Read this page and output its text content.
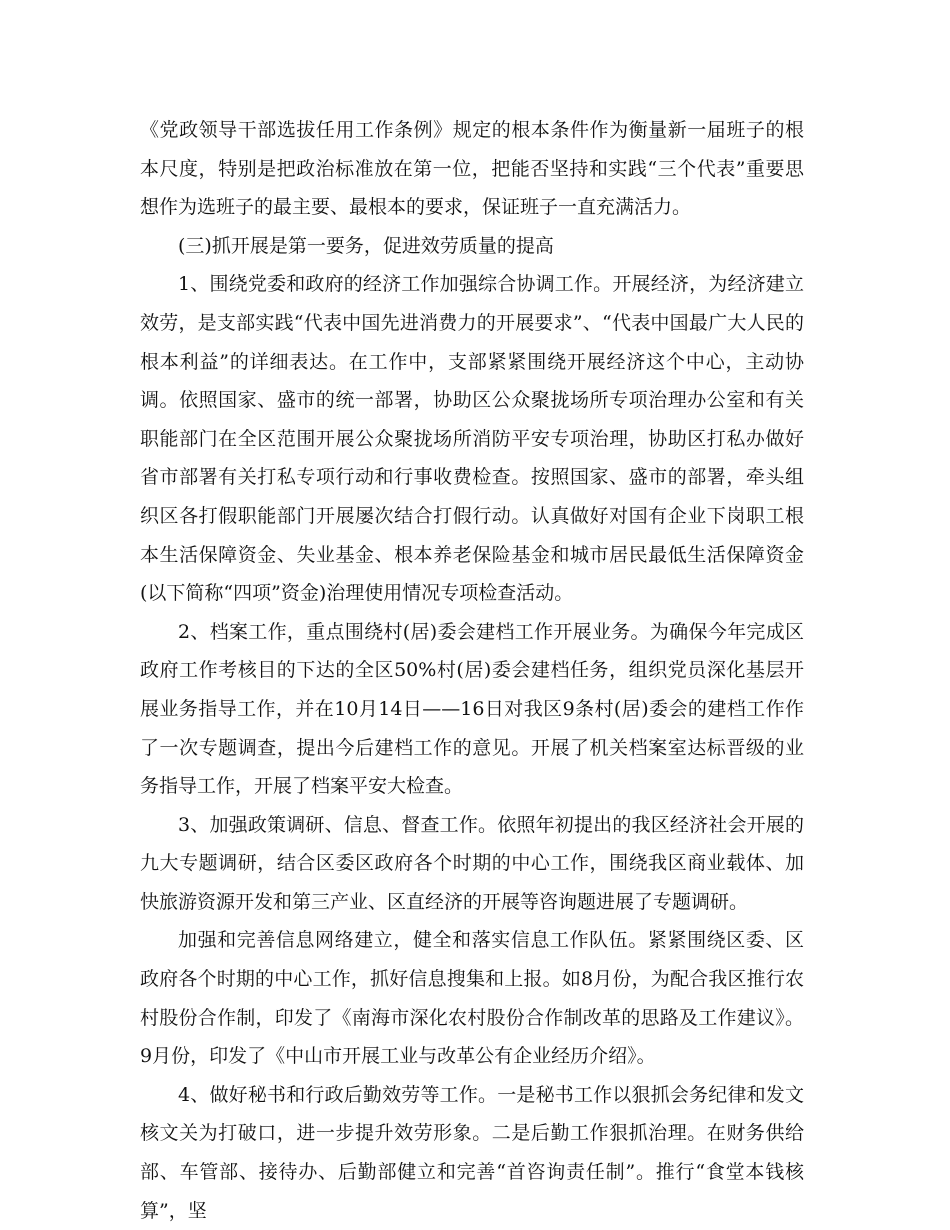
《党政领导干部选拔任用工作条例》规定的根本条件作为衡量新一届班子的根本尺度，特别是把政治标准放在第一位，把能否坚持和实践“三个代表”重要思想作为选班子的最主要、最根本的要求，保证班子一直充满活力。

(三)抓开展是第一要务，促进效劳质量的提高

1、围绕党委和政府的经济工作加强综合协调工作。开展经济，为经济建立效劳，是支部实践“代表中国先进消费力的开展要求”、“代表中国最广大人民的根本利益”的详细表达。在工作中，支部紧紧围绕开展经济这个中心，主动协调。依照国家、盛市的统一部署，协助区公众聚拢场所专项治理办公室和有关职能部门在全区范围开展公众聚拢场所消防平安专项治理，协助区打私办做好省市部署有关打私专项行动和行事收费检查。按照国家、盛市的部署，牵头组织区各打假职能部门开展屡次结合打假行动。认真做好对国有企业下岗职工根本生活保障资金、失业基金、根本养老保险基金和城市居民最低生活保障资金(以下简称“四项”资金)治理使用情况专项检查活动。

2、档案工作，重点围绕村(居)委会建档工作开展业务。为确保今年完成区政府工作考核目的下达的全区50%村(居)委会建档任务，组织党员深化基层开展业务指导工作，并在10月14日——16日对我区9条村(居)委会的建档工作作了一次专题调查，提出今后建档工作的意见。开展了机关档案室达标晋级的业务指导工作，开展了档案平安大检查。

3、加强政策调研、信息、督查工作。依照年初提出的我区经济社会开展的九大专题调研，结合区委区政府各个时期的中心工作，围绕我区商业载体、加快旅游资源开发和第三产业、区直经济的开展等咨询题进展了专题调研。

加强和完善信息网络建立，健全和落实信息工作队伍。紧紧围绕区委、区政府各个时期的中心工作，抓好信息搜集和上报。如8月份，为配合我区推行农村股份合作制，印发了《南海市深化农村股份合作制改革的思路及工作建议》。9月份，印发了《中山市开展工业与改革公有企业经历介绍》。

4、做好秘书和行政后勤效劳等工作。一是秘书工作以狠抓会务纪律和发文核文关为打破口，进一步提升效劳形象。二是后勤工作狠抓治理。在财务供给部、车管部、接待办、后勤部健立和完善“首咨询责任制”。推行“食堂本钱核算”，坚
